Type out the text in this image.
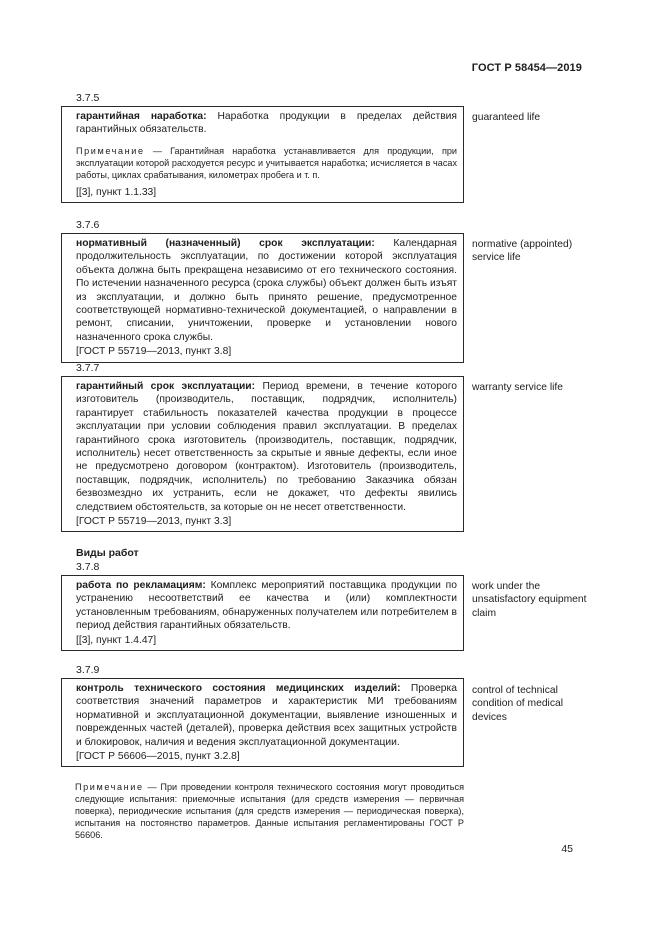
ГОСТ Р 58454—2019
3.7.5
гарантийная наработка: Наработка продукции в пределах действия гарантийных обязательств.
Примечание — Гарантийная наработка устанавливается для продукции, при эксплуатации которой расходуется ресурс и учитывается наработка; исчисляется в часах работы, циклах срабатывания, километрах пробега и т. п.
[[3], пункт 1.1.33]
guaranteed life
3.7.6
нормативный (назначенный) срок эксплуатации: Календарная продолжительность эксплуатации, по достижении которой эксплуатация объекта должна быть прекращена независимо от его технического состояния. По истечении назначенного ресурса (срока службы) объект должен быть изъят из эксплуатации, и должно быть принято решение, предусмотренное соответствующей нормативно-технической документацией, о направлении в ремонт, списании, уничтожении, проверке и установлении нового назначенного срока службы.
[ГОСТ Р 55719—2013, пункт 3.8]
normative (appointed) service life
3.7.7
гарантийный срок эксплуатации: Период времени, в течение которого изготовитель (производитель, поставщик, подрядчик, исполнитель) гарантирует стабильность показателей качества продукции в процессе эксплуатации при условии соблюдения правил эксплуатации. В пределах гарантийного срока изготовитель (производитель, поставщик, подрядчик, исполнитель) несет ответственность за скрытые и явные дефекты, если иное не предусмотрено договором (контрактом). Изготовитель (производитель, поставщик, подрядчик, исполнитель) по требованию Заказчика обязан безвозмездно их устранить, если не докажет, что дефекты явились следствием обстоятельств, за которые он не несет ответственности.
[ГОСТ Р 55719—2013, пункт 3.3]
warranty service life
Виды работ
3.7.8
работа по рекламациям: Комплекс мероприятий поставщика продукции по устранению несоответствий ее качества и (или) комплектности установленным требованиям, обнаруженных получателем или потребителем в период действия гарантийных обязательств.
[[3], пункт 1.4.47]
work under the unsatisfactory equipment claim
3.7.9
контроль технического состояния медицинских изделий: Проверка соответствия значений параметров и характеристик МИ требованиям нормативной и эксплуатационной документации, выявление изношенных и поврежденных частей (деталей), проверка действия всех защитных устройств и блокировок, наличия и ведения эксплуатационной документации.
[ГОСТ Р 56606—2015, пункт 3.2.8]
control of technical condition of medical devices
Примечание — При проведении контроля технического состояния могут проводиться следующие испытания: приемочные испытания (для средств измерения — первичная поверка), периодические испытания (для средств измерения — периодическая поверка), испытания на постоянство параметров. Данные испытания регламентированы ГОСТ Р 56606.
45
